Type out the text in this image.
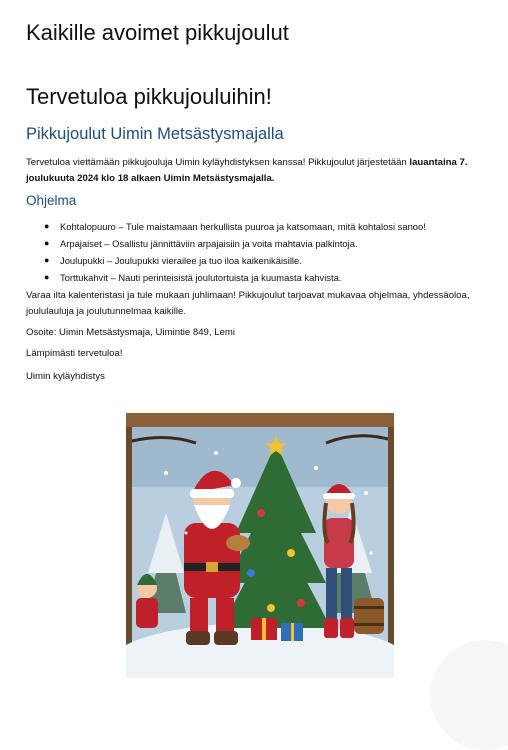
Kaikille avoimet pikkujoulut
Tervetuloa pikkujouluihin!
Pikkujoulut Uimin Metsästysmajalla
Tervetuloa viettämään pikkujouluja Uimin kyläyhdistyksen kanssa! Pikkujoulut järjestetään lauantaina 7. joulukuuta 2024 klo 18 alkaen Uimin Metsästysmajalla.
Ohjelma
● Kohtalopuuro – Tule maistamaan herkullista puuroa ja katsomaan, mitä kohtalosi sanoo!
● Arpajaiset – Osallistu jännittäviin arpajaisiin ja voita mahtavia palkintoja.
● Joulupukki – Joulupukki vierailee ja tuo iloa kaikenikäisille.
● Torttukahvit – Nauti perinteisistä joulutortuista ja kuumasta kahvista.
Varaa ilta kalenteristasi ja tule mukaan juhlimaan! Pikkujoulut tarjoavat mukavaa ohjelmaa, yhdessäoloa, joululauluja ja joulutunnelmaa kaikille.
Osoite: Uimin Metsästysmaja, Uimintie 849, Lemi
Lämpimästi tervetuloa!
Uimin kyläyhdistys
